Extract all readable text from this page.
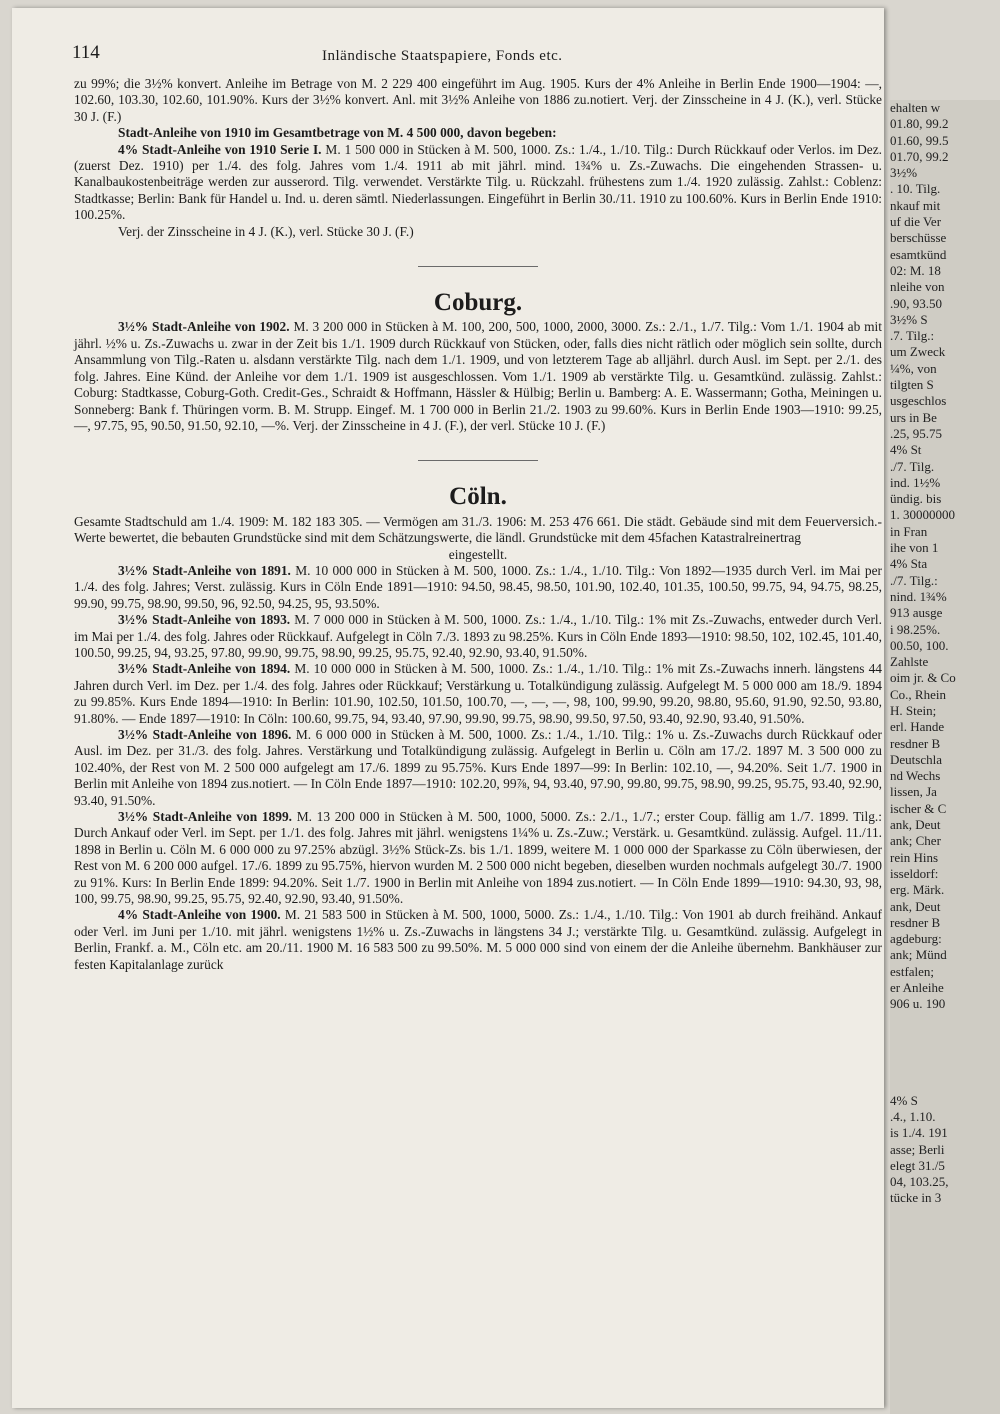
114	Inländische Staatspapiere, Fonds etc.

zu 99%; die 3½% konvert. Anleihe im Betrage von M. 2 229 400 eingeführt im Aug. 1905. Kurs der 4% Anleihe in Berlin Ende 1900—1904: —, 102.60, 103.30, 102.60, 101.90%. Kurs der 3½% konvert. Anl. mit 3½% Anleihe von 1886 zu.notiert. Verj. der Zinsscheine in 4 J. (K.), verl. Stücke 30 J. (F.)

Stadt-Anleihe von 1910 im Gesamtbetrage von M. 4 500 000, davon begeben:

4% Stadt-Anleihe von 1910 Serie I. M. 1 500 000 in Stücken à M. 500, 1000. Zs.: 1./4., 1./10. Tilg.: Durch Rückkauf oder Verlos. im Dez. (zuerst Dez. 1910) per 1./4. des folg. Jahres vom 1./4. 1911 ab mit jährl. mind. 1¾% u. Zs.-Zuwachs. Die eingehenden Strassen- u. Kanalbaukostenbeiträge werden zur ausserord. Tilg. verwendet. Verstärkte Tilg. u. Rückzahl. frühestens zum 1./4. 1920 zulässig. Zahlst.: Coblenz: Stadtkasse; Berlin: Bank für Handel u. Ind. u. deren sämtl. Niederlassungen. Eingeführt in Berlin 30./11. 1910 zu 100.60%. Kurs in Berlin Ende 1910: 100.25%.

Verj. der Zinsscheine in 4 J. (K.), verl. Stücke 30 J. (F.)

Coburg.

3½% Stadt-Anleihe von 1902. M. 3 200 000 in Stücken à M. 100, 200, 500, 1000, 2000, 3000. Zs.: 2./1., 1./7. Tilg.: Vom 1./1. 1904 ab mit jährl. ½% u. Zs.-Zuwachs u. zwar in der Zeit bis 1./1. 1909 durch Rückkauf von Stücken, oder, falls dies nicht rätlich oder möglich sein sollte, durch Ansammlung von Tilg.-Raten u. alsdann verstärkte Tilg. nach dem 1./1. 1909, und von letzterem Tage ab alljährl. durch Ausl. im Sept. per 2./1. des folg. Jahres. Eine Künd. der Anleihe vor dem 1./1. 1909 ist ausgeschlossen. Vom 1./1. 1909 ab verstärkte Tilg. u. Gesamtkünd. zulässig. Zahlst.: Coburg: Stadtkasse, Coburg-Goth. Credit-Ges., Schraidt & Hoffmann, Hässler & Hülbig; Berlin u. Bamberg: A. E. Wassermann; Gotha, Meiningen u. Sonneberg: Bank f. Thüringen vorm. B. M. Strupp. Eingef. M. 1 700 000 in Berlin 21./2. 1903 zu 99.60%. Kurs in Berlin Ende 1903—1910: 99.25, —, 97.75, 95, 90.50, 91.50, 92.10, —%. Verj. der Zinsscheine in 4 J. (F.), der verl. Stücke 10 J. (F.)

Cöln.

Gesamte Stadtschuld am 1./4. 1909: M. 182 183 305. — Vermögen am 31./3. 1906: M. 253 476 661. Die städt. Gebäude sind mit dem Feuerversich.-Werte bewertet, die bebauten Grundstücke sind mit dem Schätzungswerte, die ländl. Grundstücke mit dem 45fachen Katastralreinertrag

eingestellt.

3½% Stadt-Anleihe von 1891. M. 10 000 000 in Stücken à M. 500, 1000. Zs.: 1./4., 1./10. Tilg.: Von 1892—1935 durch Verl. im Mai per 1./4. des folg. Jahres; Verst. zulässig. Kurs in Cöln Ende 1891—1910: 94.50, 98.45, 98.50, 101.90, 102.40, 101.35, 100.50, 99.75, 94, 94.75, 98.25, 99.90, 99.75, 98.90, 99.50, 96, 92.50, 94.25, 95, 93.50%.

3½% Stadt-Anleihe von 1893. M. 7 000 000 in Stücken à M. 500, 1000. Zs.: 1./4., 1./10. Tilg.: 1% mit Zs.-Zuwachs, entweder durch Verl. im Mai per 1./4. des folg. Jahres oder Rückkauf. Aufgelegt in Cöln 7./3. 1893 zu 98.25%. Kurs in Cöln Ende 1893—1910: 98.50, 102, 102.45, 101.40, 100.50, 99.25, 94, 93.25, 97.80, 99.90, 99.75, 98.90, 99.25, 95.75, 92.40, 92.90, 93.40, 91.50%.

3½% Stadt-Anleihe von 1894. M. 10 000 000 in Stücken à M. 500, 1000. Zs.: 1./4., 1./10. Tilg.: 1% mit Zs.-Zuwachs innerh. längstens 44 Jahren durch Verl. im Dez. per 1./4. des folg. Jahres oder Rückkauf; Verstärkung u. Totalkündigung zulässig. Aufgelegt M. 5 000 000 am 18./9. 1894 zu 99.85%. Kurs Ende 1894—1910: In Berlin: 101.90, 102.50, 101.50, 100.70, —, —, —, 98, 100, 99.90, 99.20, 98.80, 95.60, 91.90, 92.50, 93.80, 91.80%. — Ende 1897—1910: In Cöln: 100.60, 99.75, 94, 93.40, 97.90, 99.90, 99.75, 98.90, 99.50, 97.50, 93.40, 92.90, 93.40, 91.50%.

3½% Stadt-Anleihe von 1896. M. 6 000 000 in Stücken à M. 500, 1000. Zs.: 1./4., 1./10. Tilg.: 1% u. Zs.-Zuwachs durch Rückkauf oder Ausl. im Dez. per 31./3. des folg. Jahres. Verstärkung und Totalkündigung zulässig. Aufgelegt in Berlin u. Cöln am 17./2. 1897 M. 3 500 000 zu 102.40%, der Rest von M. 2 500 000 aufgelegt am 17./6. 1899 zu 95.75%. Kurs Ende 1897—99: In Berlin: 102.10, —, 94.20%. Seit 1./7. 1900 in Berlin mit Anleihe von 1894 zus.notiert. — In Cöln Ende 1897—1910: 102.20, 99⅞, 94, 93.40, 97.90, 99.80, 99.75, 98.90, 99.25, 95.75, 93.40, 92.90, 93.40, 91.50%.

3½% Stadt-Anleihe von 1899. M. 13 200 000 in Stücken à M. 500, 1000, 5000. Zs.: 2./1., 1./7.; erster Coup. fällig am 1./7. 1899. Tilg.: Durch Ankauf oder Verl. im Sept. per 1./1. des folg. Jahres mit jährl. wenigstens 1¼% u. Zs.-Zuw.; Verstärk. u. Gesamtkünd. zulässig. Aufgel. 11./11. 1898 in Berlin u. Cöln M. 6 000 000 zu 97.25% abzügl. 3½% Stück-Zs. bis 1./1. 1899, weitere M. 1 000 000 der Sparkasse zu Cöln überwiesen, der Rest von M. 6 200 000 aufgel. 17./6. 1899 zu 95.75%, hiervon wurden M. 2 500 000 nicht begeben, dieselben wurden nochmals aufgelegt 30./7. 1900 zu 91%. Kurs: In Berlin Ende 1899: 94.20%. Seit 1./7. 1900 in Berlin mit Anleihe von 1894 zus.notiert. — In Cöln Ende 1899—1910: 94.30, 93, 98, 100, 99.75, 98.90, 99.25, 95.75, 92.40, 92.90, 93.40, 91.50%.

4% Stadt-Anleihe von 1900. M. 21 583 500 in Stücken à M. 500, 1000, 5000. Zs.: 1./4., 1./10. Tilg.: Von 1901 ab durch freihänd. Ankauf oder Verl. im Juni per 1./10. mit jährl. wenigstens 1½% u. Zs.-Zuwachs in längstens 34 J.; verstärkte Tilg. u. Gesamtkünd. zulässig. Aufgelegt in Berlin, Frankf. a. M., Cöln etc. am 20./11. 1900 M. 16 583 500 zu 99.50%. M. 5 000 000 sind von einem der die Anleihe übernehm. Bankhäuser zur festen Kapitalanlage zurück

ehalten w
01.80, 99.2
01.60, 99.5
01.70, 99.2
3½%
. 10. Tilg.
nkauf mit
uf die Ver
berschüsse
esamtkünd
02: M. 18
nleihe von
.90, 93.50
3½% S
.7. Tilg.:
um Zweck
¼%, von
tilgten S
usgeschlos
urs in Be
.25, 95.75
4% St
./7. Tilg.
ind. 1½%
ündig. bis
1. 30000000
in Fran
ihe von 1
4% Sta
./7. Tilg.:
nind. 1¾%
913 ausge
i 98.25%.
00.50, 100.
Zahlste
oim jr. & Co
Co., Rhein
H. Stein;
erl. Hande
resdner B
Deutschla
nd Wechs
lissen, Ja
ischer & C
ank, Deut
ank; Cher
rein Hins
isseldorf:
erg. Märk.
ank, Deut
resdner B
agdeburg:
ank; Münd
estfalen;
er Anleihe
906 u. 190
4% S
.4., 1.10.
is 1./4. 191
asse; Berli
elegt 31./5
04, 103.25,
tücke in 3
